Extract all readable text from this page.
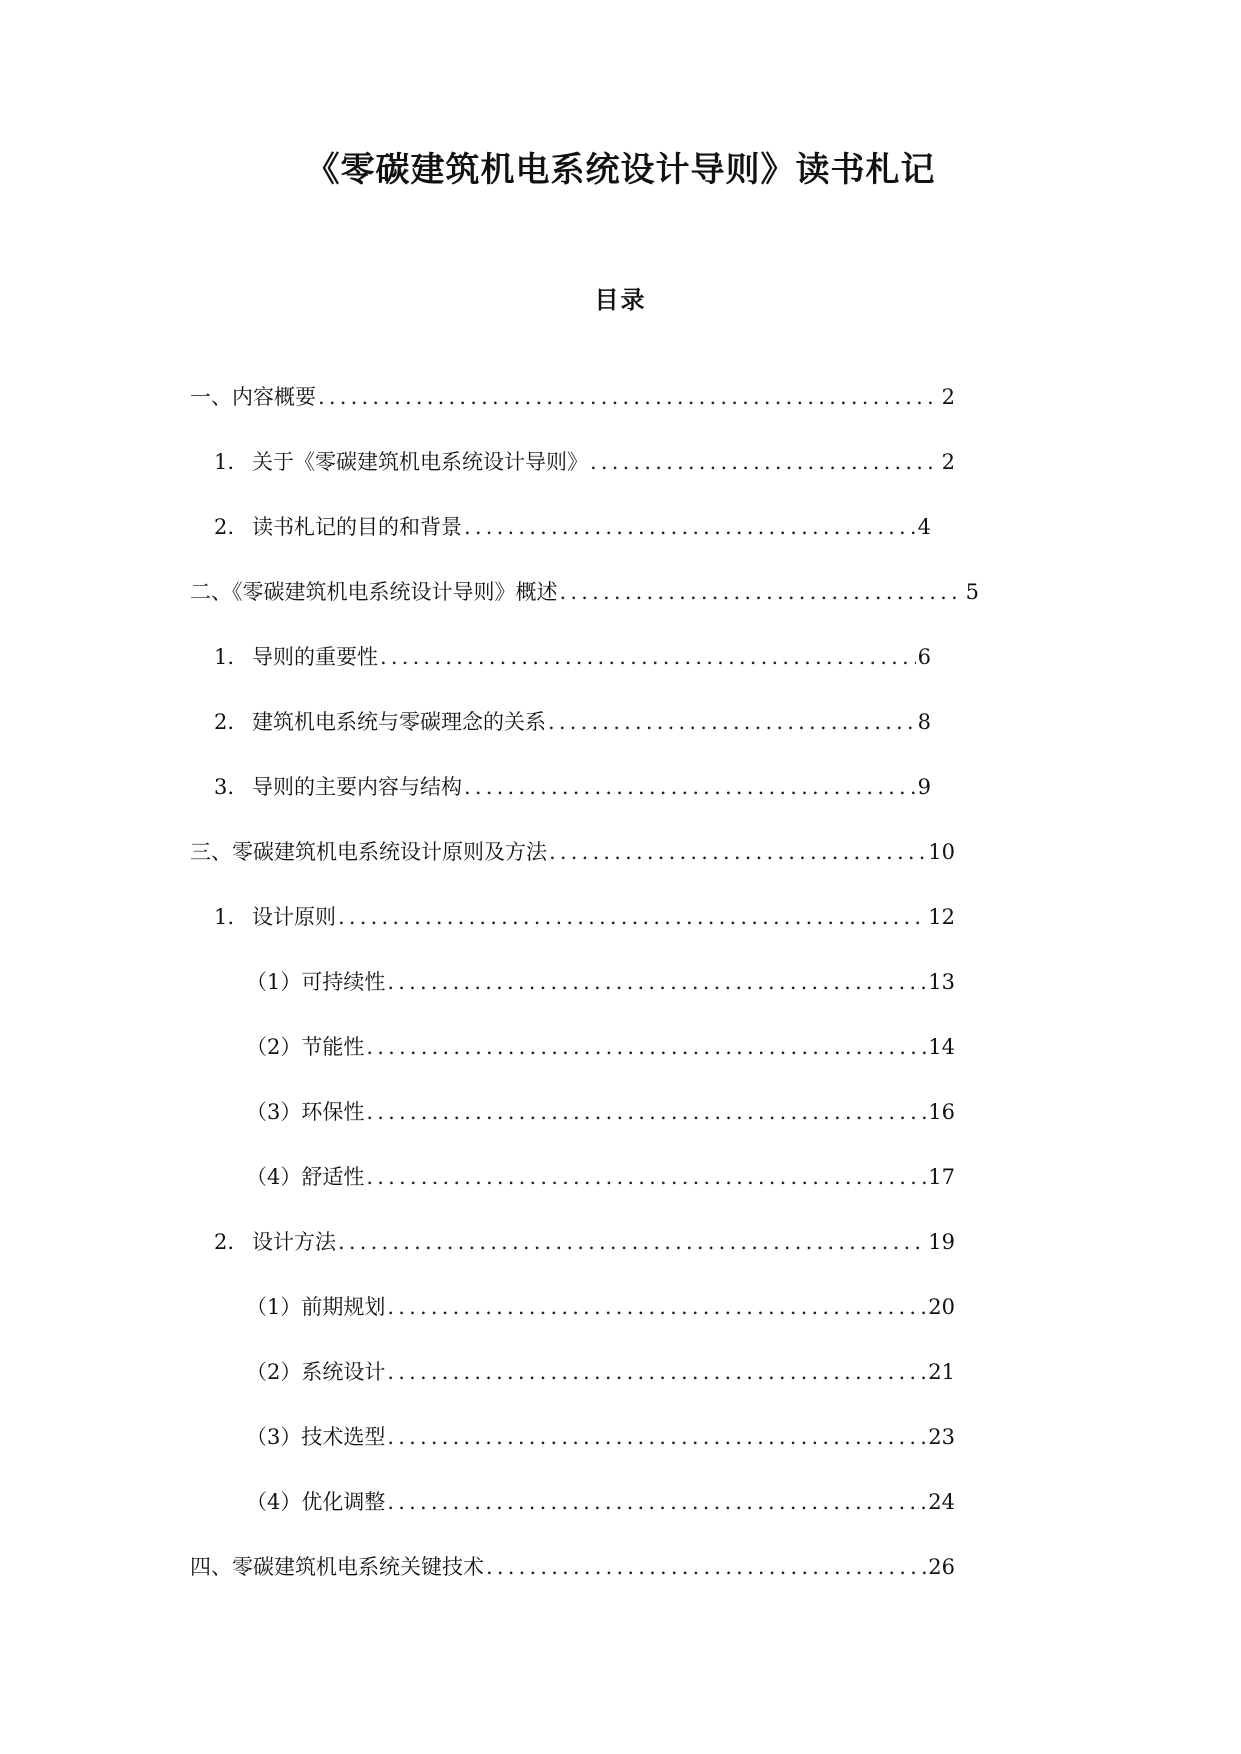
《零碳建筑机电系统设计导则》读书札记
目录
一、内容概要 .....	2
1. 关于《零碳建筑机电系统设计导则》 .....	2
2. 读书札记的目的和背景 .....	4
二、《零碳建筑机电系统设计导则》概述 .....	5
1. 导则的重要性 .....	6
2. 建筑机电系统与零碳理念的关系 .....	8
3. 导则的主要内容与结构 .....	9
三、零碳建筑机电系统设计原则及方法 .....	10
1. 设计原则 .....	12
（1）可持续性 .....	13
（2）节能性 .....	14
（3）环保性 .....	16
（4）舒适性 .....	17
2. 设计方法 .....	19
（1）前期规划 .....	20
（2）系统设计 .....	21
（3）技术选型 .....	23
（4）优化调整 .....	24
四、零碳建筑机电系统关键技术 .....	26
